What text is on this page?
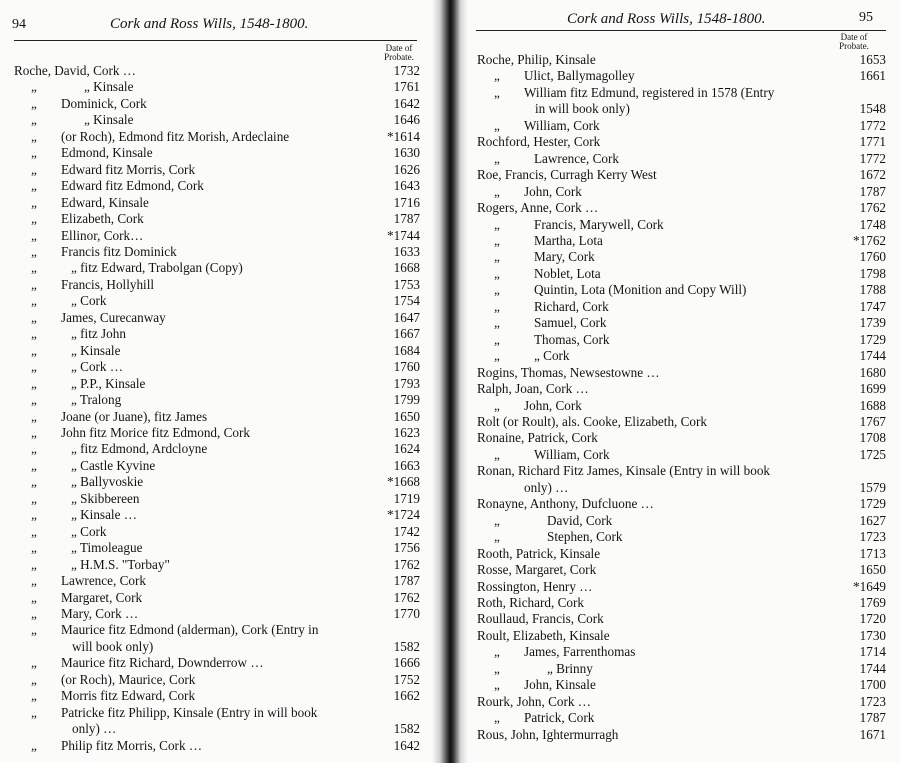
94	Cork and Ross Wills, 1548-1800.
Date of Probate.
Roche, David, Cork …	1732
„	„ Kinsale	1761
„	Dominick, Cork	1642
„	„ Kinsale	1646
„	(or Roch), Edmond fitz Morish, Ardeclaine	*1614
„	Edmond, Kinsale	1630
„	Edward fitz Morris, Cork	1626
„	Edward fitz Edmond, Cork	1643
„	Edward, Kinsale	1716
„	Elizabeth, Cork	1787
„	Ellinor, Cork…	*1744
„	Francis fitz Dominick	1633
„	„ fitz Edward, Trabolgan (Copy)	1668
„	Francis, Hollyhill	1753
„	„ Cork	1754
„	James, Curecanway	1647
„	„ fitz John	1667
„	„ Kinsale	1684
„	„ Cork …	1760
„	„ P.P., Kinsale	1793
„	„ Tralong	1799
„	Joane (or Juane), fitz James	1650
„	John fitz Morice fitz Edmond, Cork	1623
„	„ fitz Edmond, Ardcloyne	1624
„	„ Castle Kyvine	1663
„	„ Ballyvoskie	*1668
„	„ Skibbereen	1719
„	„ Kinsale …	*1724
„	„ Cork	1742
„	„ Timoleague	1756
„	„ H.M.S. "Torbay"	1762
„	Lawrence, Cork	1787
„	Margaret, Cork	1762
„	Mary, Cork …	1770
„	Maurice fitz Edmond (alderman), Cork (Entry in
will book only)	1582
„	Maurice fitz Richard, Downderrow …	1666
„	(or Roch), Maurice, Cork	1752
„	Morris fitz Edward, Cork	1662
„	Patricke fitz Philipp, Kinsale (Entry in will book
only) …	1582
„	Philip fitz Morris, Cork …	1642
Cork and Ross Wills, 1548-1800.	95
Date of Probate.
Roche, Philip, Kinsale	1653
„	Ulict, Ballymagolley	1661
„	William fitz Edmund, registered in 1578 (Entry
in will book only)	1548
„	William, Cork	1772
Rochford, Hester, Cork	1771
„	Lawrence, Cork	1772
Roe, Francis, Curragh Kerry West	1672
„	John, Cork	1787
Rogers, Anne, Cork …	1762
„	Francis, Marywell, Cork	1748
„	Martha, Lota	*1762
„	Mary, Cork	1760
„	Noblet, Lota	1798
„	Quintin, Lota (Monition and Copy Will)	1788
„	Richard, Cork	1747
„	Samuel, Cork	1739
„	Thomas, Cork	1729
„	„ Cork	1744
Rogins, Thomas, Newsestowne …	1680
Ralph, Joan, Cork …	1699
„	John, Cork	1688
Rolt (or Roult), als. Cooke, Elizabeth, Cork	1767
Ronaine, Patrick, Cork	1708
„	William, Cork	1725
Ronan, Richard Fitz James, Kinsale (Entry in will book
only) …	1579
Ronayne, Anthony, Dufcluone …	1729
„	David, Cork	1627
„	Stephen, Cork	1723
Rooth, Patrick, Kinsale	1713
Rosse, Margaret, Cork	1650
Rossington, Henry …	*1649
Roth, Richard, Cork	1769
Roullaud, Francis, Cork	1720
Roult, Elizabeth, Kinsale	1730
„	James, Farrenthomas	1714
„	„ Brinny	1744
„	John, Kinsale	1700
Rourk, John, Cork …	1723
„	Patrick, Cork	1787
Rous, John, Ightermurragh	1671
